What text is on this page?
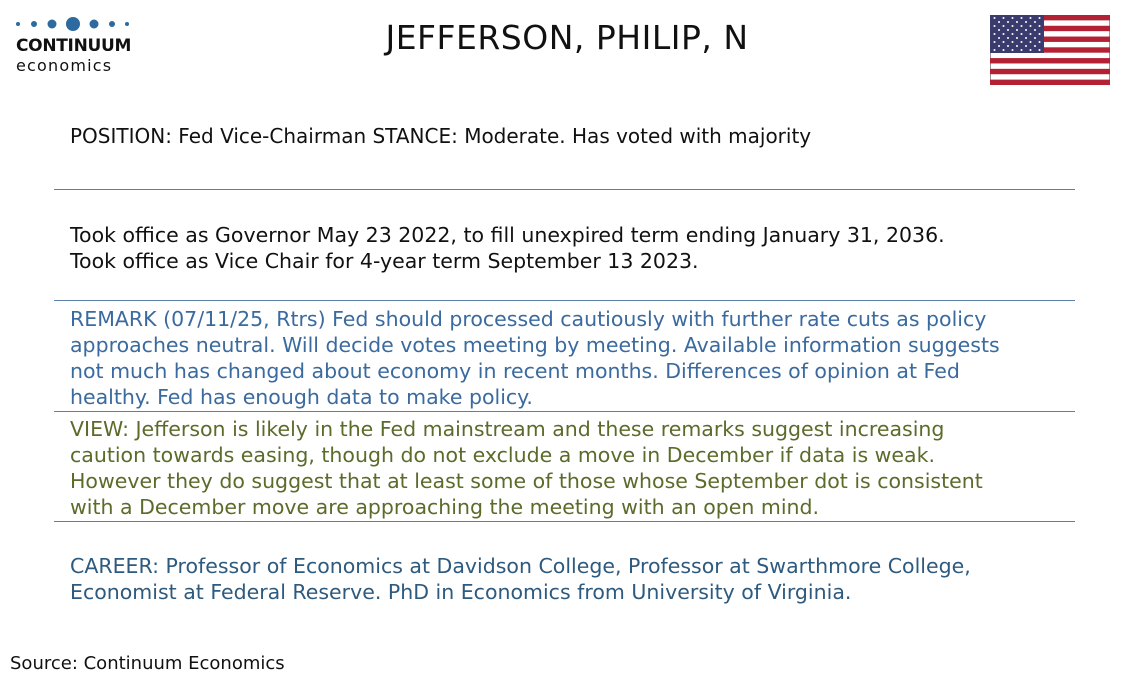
CONTINUUM
economics
JEFFERSON, PHILIP, N
POSITION: Fed Vice-Chairman STANCE: Moderate. Has voted with majority
Took office as Governor May 23 2022, to fill unexpired term ending January 31, 2036.
Took office as Vice Chair for 4-year term September 13 2023.
REMARK (07/11/25, Rtrs) Fed should processed cautiously with further rate cuts as policy
approaches neutral. Will decide votes meeting by meeting. Available information suggests
not much has changed about economy in recent months. Differences of opinion at Fed
healthy. Fed has enough data to make policy.
VIEW: Jefferson is likely in the Fed mainstream and these remarks suggest increasing
caution towards easing, though do not exclude a move in December if data is weak.
However they do suggest that at least some of those whose September dot is consistent
with a December move are approaching the meeting with an open mind.
CAREER: Professor of Economics at Davidson College, Professor at Swarthmore College,
Economist at Federal Reserve. PhD in Economics from University of Virginia.
Source: Continuum Economics
